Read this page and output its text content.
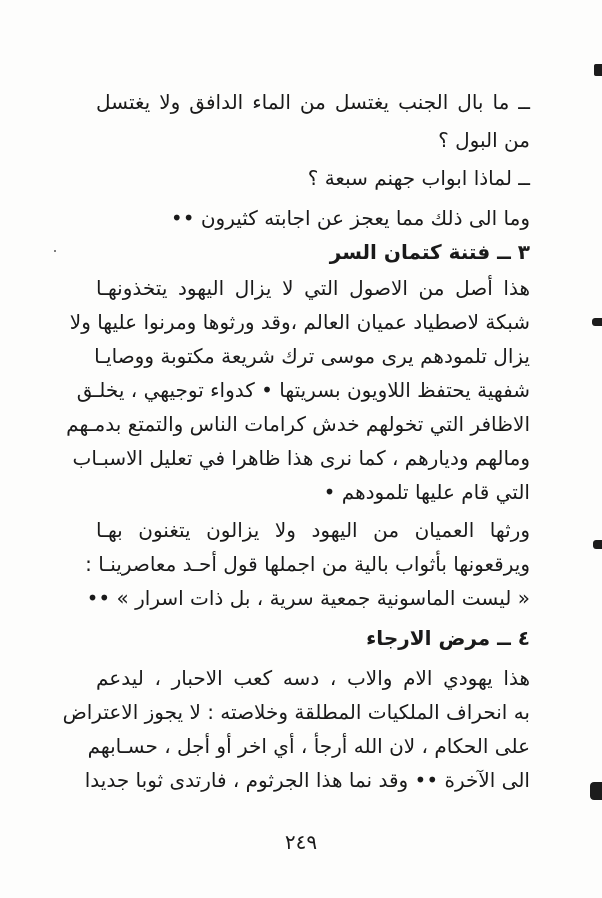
ــ ما بال الجنب يغتسل من الماء الدافق ولا يغتسل
من البول ؟
ــ لماذا ابواب جهنم سبعة ؟
وما الى ذلك مما يعجز عن اجابته كثيرون ••
٣ ــ فتنة كتمان السر
هذا أصل من الاصول التي لا يزال اليهود يتخذونهـا
شبكة لاصطياد عميان العالم ،وقد ورثوها ومرنوا عليها ولا
يزال تلمودهم يرى موسى ترك شريعة مكتوبة ووصايـا
شفهية يحتفظ اللاويون بسريتها • كدواء توجيهي ، يخلـق
الاظافر التي تخولهم خدش كرامات الناس والتمتع بدمـهم
ومالهم وديارهم ، كما نرى هذا ظاهرا في تعليل الاسبـاب
التي قام عليها تلمودهم •
ورثها العميان من اليهود ولا يزالون يتغنون بهـا
ويرقعونها بأثواب بالية من اجملها قول أحـد معاصرينـا :
« ليست الماسونية جمعية سرية ، بل ذات اسرار » ••
٤ ــ مرض الارجاء
هذا يهودي الام والاب ، دسه كعب الاحبار ، ليدعم
به انحراف الملكيات المطلقة وخلاصته : لا يجوز الاعتراض
على الحكام ، لان الله أرجأ ، أي اخر أو أجل ، حسـابهم
الى الآخرة •• وقد نما هذا الجرثوم ، فارتدى ثوبا جديدا
٢٤٩
